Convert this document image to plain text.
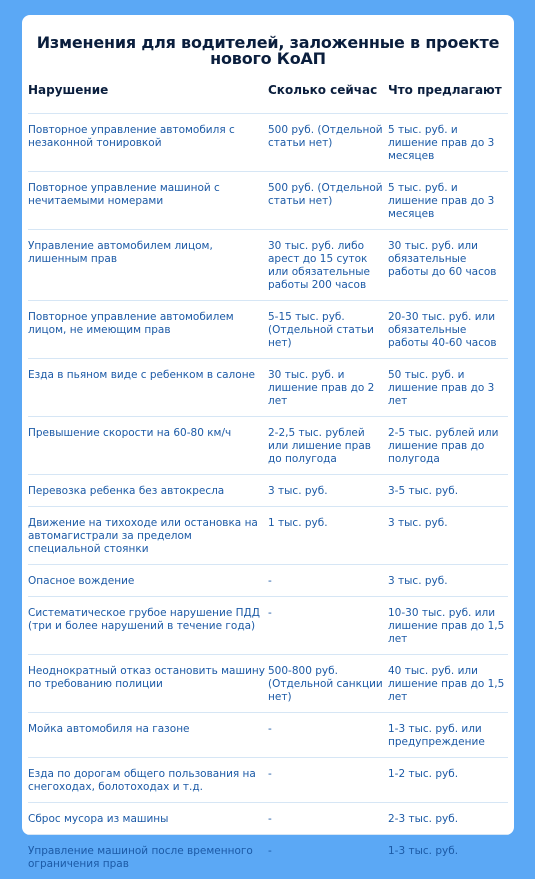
Изменения для водителей, заложенные в проекте нового КоАП
Нарушение	Сколько сейчас	Что предлагают
Повторное управление автомобиля с незаконной тонировкой	500 руб. (Отдельной статьи нет)	5 тыс. руб. и лишение прав до 3 месяцев
Повторное управление машиной с нечитаемыми номерами	500 руб. (Отдельной статьи нет)	5 тыс. руб. и лишение прав до 3 месяцев
Управление автомобилем лицом, лишенным прав	30 тыс. руб. либо арест до 15 суток или обязательные работы 200 часов	30 тыс. руб. или обязательные работы до 60 часов
Повторное управление автомобилем лицом, не имеющим прав	5-15 тыс. руб. (Отдельной статьи нет)	20-30 тыс. руб. или обязательные работы 40-60 часов
Езда в пьяном виде с ребенком в салоне	30 тыс. руб. и лишение прав до 2 лет	50 тыс. руб. и лишение прав до 3 лет
Превышение скорости на 60-80 км/ч	2-2,5 тыс. рублей или лишение прав до полугода	2-5 тыс. рублей или лишение прав до полугода
Перевозка ребенка без автокресла	3 тыс. руб.	3-5 тыс. руб.
Движение на тихоходе или остановка на автомагистрали за пределом специальной стоянки	1 тыс. руб.	3 тыс. руб.
Опасное вождение	-	3 тыс. руб.
Систематическое грубое нарушение ПДД (три и более нарушений в течение года)	-	10-30 тыс. руб. или лишение прав до 1,5 лет
Неоднократный отказ остановить машину по требованию полиции	500-800 руб. (Отдельной санкции нет)	40 тыс. руб. или лишение прав до 1,5 лет
Мойка автомобиля на газоне	-	1-3 тыс. руб. или предупреждение
Езда по дорогам общего пользования на снегоходах, болотоходах и т.д.	-	1-2 тыс. руб.
Сброс мусора из машины	-	2-3 тыс. руб.
Управление машиной после временного ограничения прав	-	1-3 тыс. руб.
